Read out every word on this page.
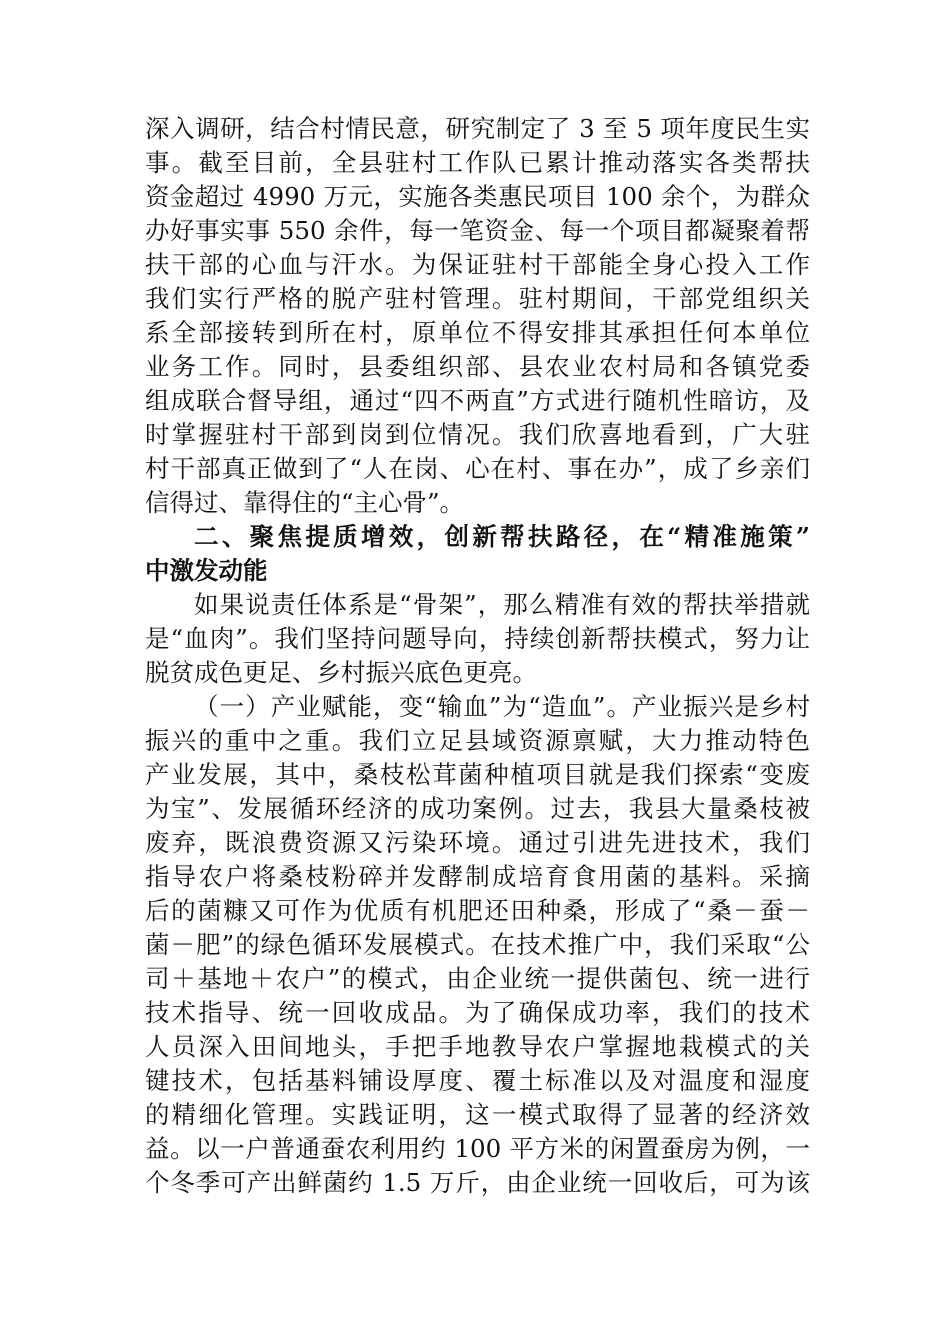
深入调研，结合村情民意，研究制定了 3 至 5 项年度民生实
事。截至目前，全县驻村工作队已累计推动落实各类帮扶
资金超过 4990 万元，实施各类惠民项目 100 余个，为群众
办好事实事 550 余件，每一笔资金、每一个项目都凝聚着帮
扶干部的心血与汗水。为保证驻村干部能全身心投入工作
我们实行严格的脱产驻村管理。驻村期间，干部党组织关
系全部接转到所在村，原单位不得安排其承担任何本单位
业务工作。同时，县委组织部、县农业农村局和各镇党委
组成联合督导组，通过“四不两直”方式进行随机性暗访，及
时掌握驻村干部到岗到位情况。我们欣喜地看到，广大驻
村干部真正做到了“人在岗、心在村、事在办”，成了乡亲们
信得过、靠得住的“主心骨”。
二、聚焦提质增效，创新帮扶路径，在“精准施策”
中激发动能
如果说责任体系是“骨架”，那么精准有效的帮扶举措就
是“血肉”。我们坚持问题导向，持续创新帮扶模式，努力让
脱贫成色更足、乡村振兴底色更亮。
（一）产业赋能，变“输血”为“造血”。产业振兴是乡村
振兴的重中之重。我们立足县域资源禀赋，大力推动特色
产业发展，其中，桑枝松茸菌种植项目就是我们探索“变废
为宝”、发展循环经济的成功案例。过去，我县大量桑枝被
废弃，既浪费资源又污染环境。通过引进先进技术，我们
指导农户将桑枝粉碎并发酵制成培育食用菌的基料。采摘
后的菌糠又可作为优质有机肥还田种桑，形成了“桑－蚕－
菌－肥”的绿色循环发展模式。在技术推广中，我们采取“公
司＋基地＋农户”的模式，由企业统一提供菌包、统一进行
技术指导、统一回收成品。为了确保成功率，我们的技术
人员深入田间地头，手把手地教导农户掌握地栽模式的关
键技术，包括基料铺设厚度、覆土标准以及对温度和湿度
的精细化管理。实践证明，这一模式取得了显著的经济效
益。以一户普通蚕农利用约 100 平方米的闲置蚕房为例，一
个冬季可产出鲜菌约 1.5 万斤，由企业统一回收后，可为该
